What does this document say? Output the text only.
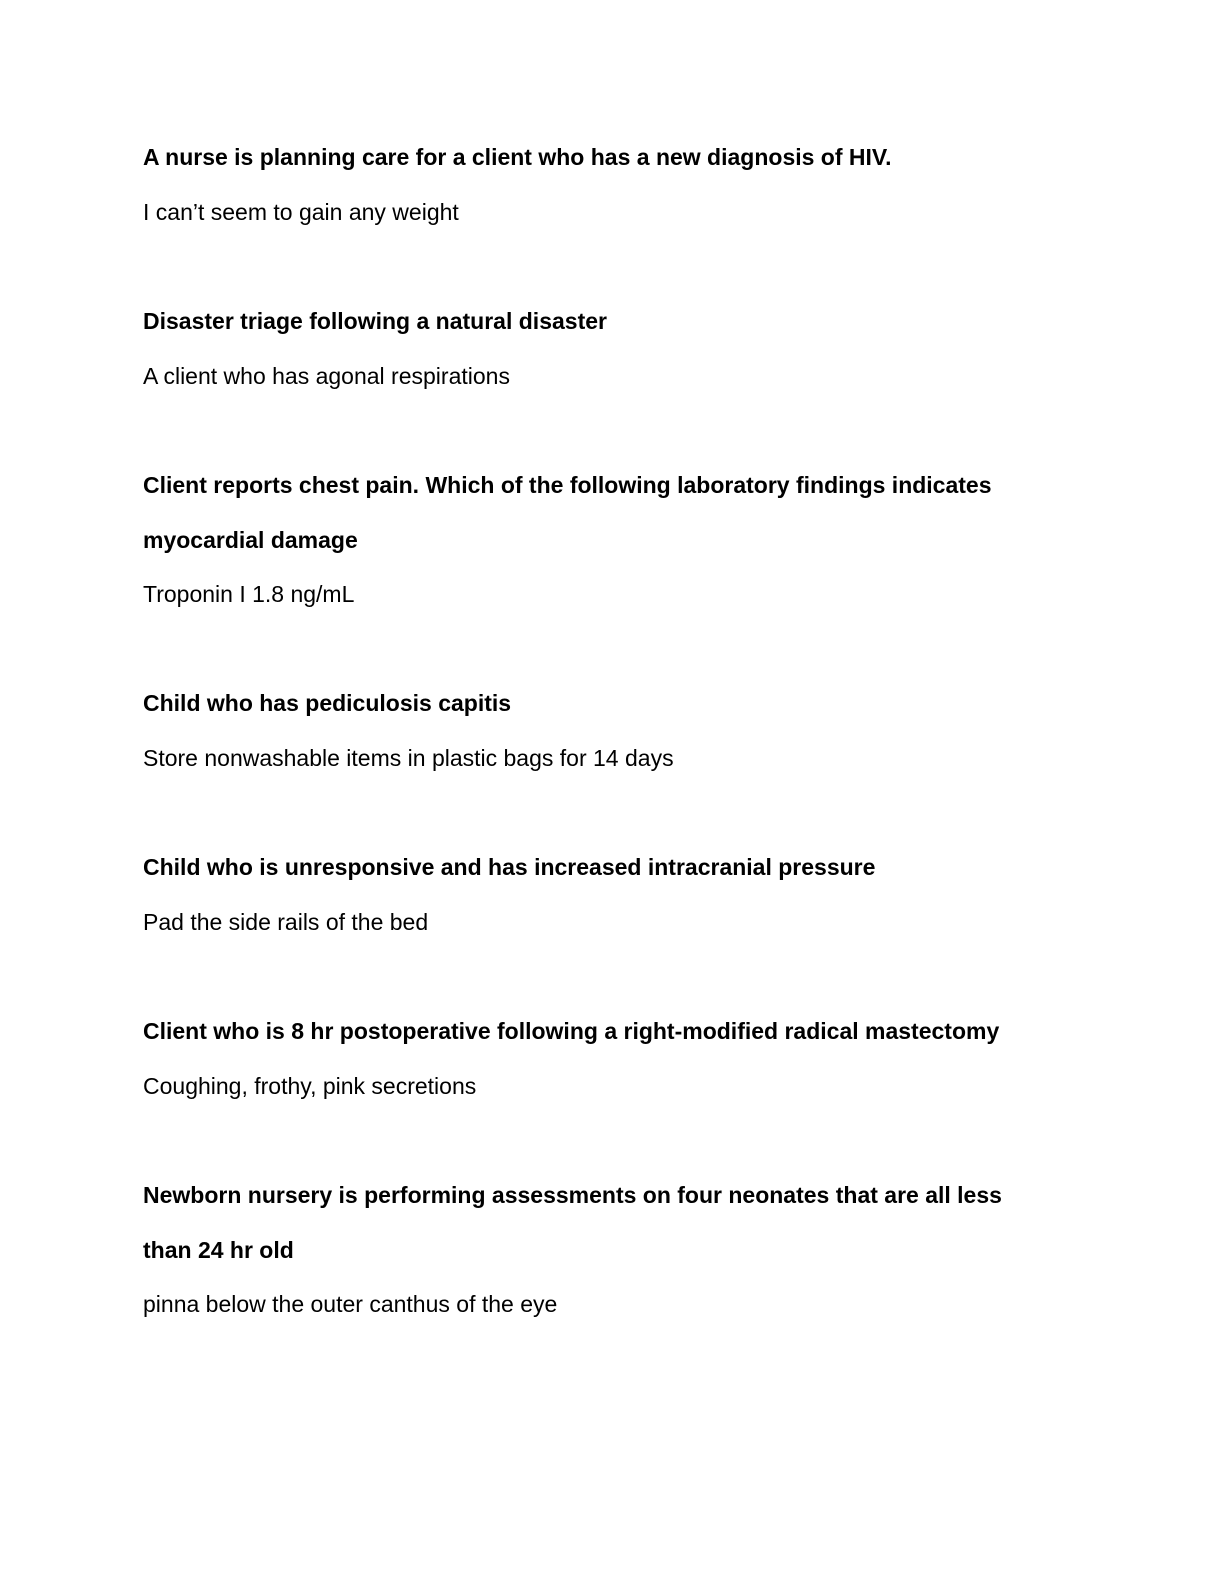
A nurse is planning care for a client who has a new diagnosis of HIV.

I can’t seem to gain any weight

Disaster triage following a natural disaster

A client who has agonal respirations

Client reports chest pain. Which of the following laboratory findings indicates

myocardial damage

Troponin I 1.8 ng/mL

Child who has pediculosis capitis

Store nonwashable items in plastic bags for 14 days

Child who is unresponsive and has increased intracranial pressure

Pad the side rails of the bed

Client who is 8 hr postoperative following a right-modified radical mastectomy

Coughing, frothy, pink secretions

Newborn nursery is performing assessments on four neonates that are all less

than 24 hr old

pinna below the outer canthus of the eye
